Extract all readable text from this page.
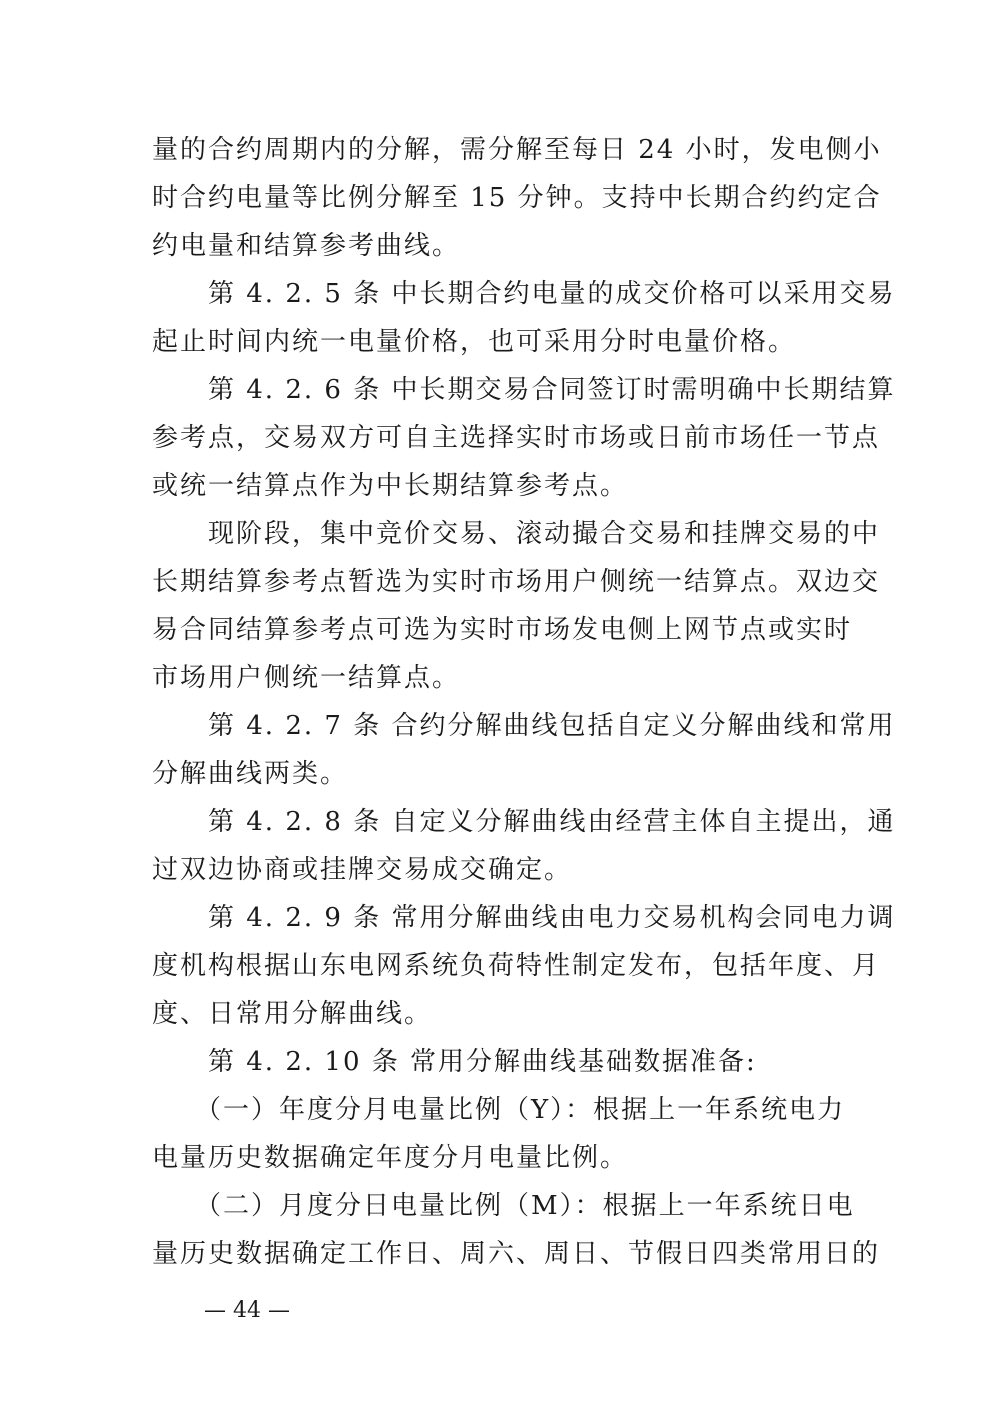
量的合约周期内的分解，需分解至每日 24 小时，发电侧小
时合约电量等比例分解至 15 分钟。支持中长期合约约定合
约电量和结算参考曲线。
　　第 4. 2. 5 条 中长期合约电量的成交价格可以采用交易
起止时间内统一电量价格，也可采用分时电量价格。
　　第 4. 2. 6 条 中长期交易合同签订时需明确中长期结算
参考点，交易双方可自主选择实时市场或日前市场任一节点
或统一结算点作为中长期结算参考点。
　　现阶段，集中竞价交易、滚动撮合交易和挂牌交易的中
长期结算参考点暂选为实时市场用户侧统一结算点。双边交
易合同结算参考点可选为实时市场发电侧上网节点或实时
市场用户侧统一结算点。
　　第 4. 2. 7 条 合约分解曲线包括自定义分解曲线和常用
分解曲线两类。
　　第 4. 2. 8 条 自定义分解曲线由经营主体自主提出，通
过双边协商或挂牌交易成交确定。
　　第 4. 2. 9 条 常用分解曲线由电力交易机构会同电力调
度机构根据山东电网系统负荷特性制定发布，包括年度、月
度、日常用分解曲线。
　　第 4. 2. 10 条 常用分解曲线基础数据准备:
　　（一）年度分月电量比例（Y）：根据上一年系统电力
电量历史数据确定年度分月电量比例。
　　（二）月度分日电量比例（M）：根据上一年系统日电
量历史数据确定工作日、周六、周日、节假日四类常用日的
— 44 —
